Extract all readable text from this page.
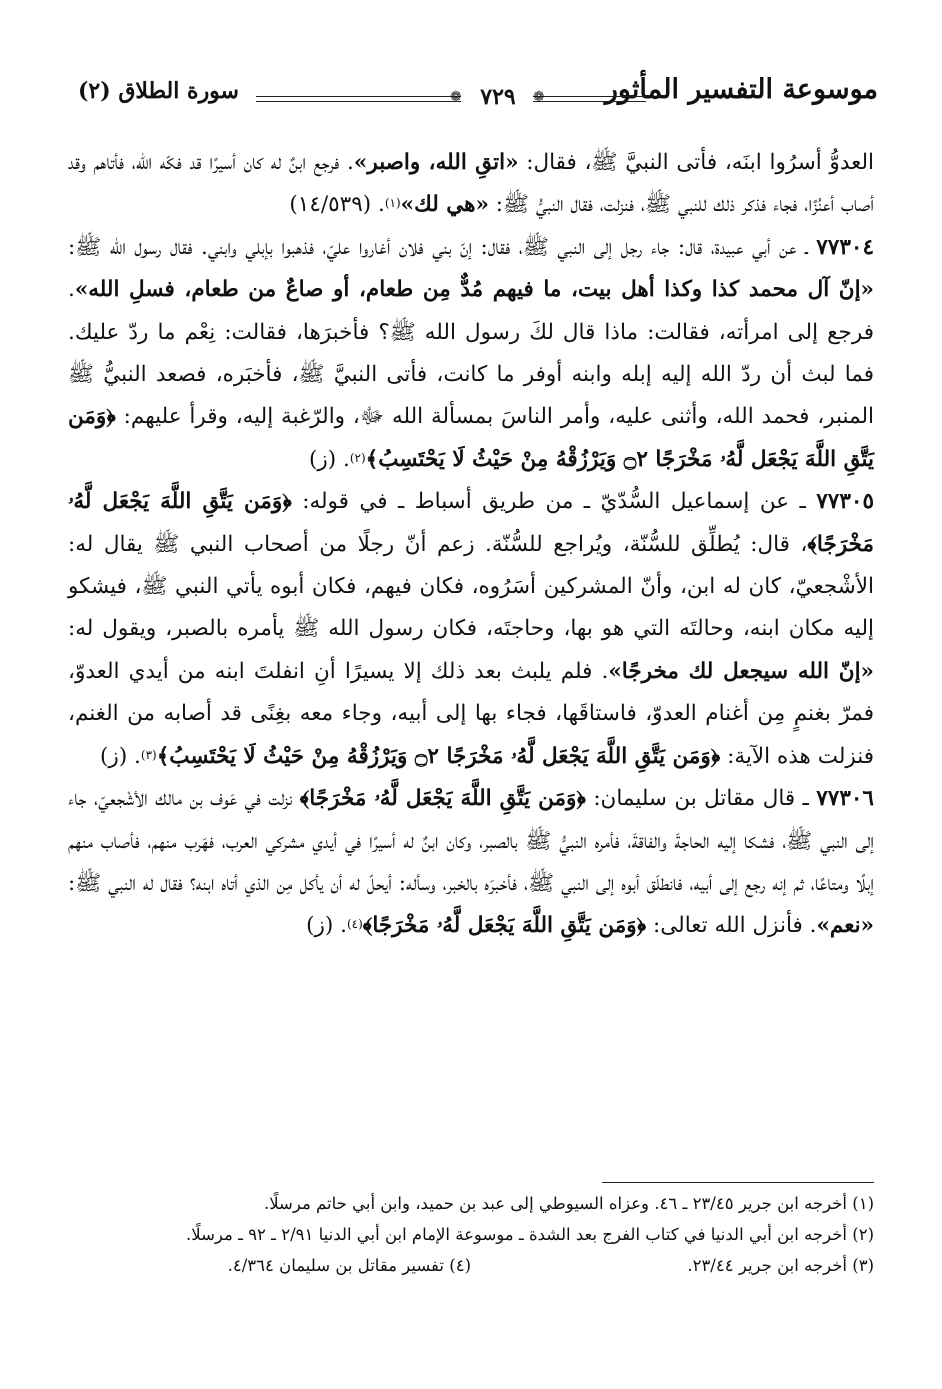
موسوعة التفسير المأثور
❁	❁
٧٢٩
سورة الطلاق (٢)

العدوُّ أسرُوا ابنَه، فأتى النبيَّ ﷺ، فقال: «اتقِ الله، واصبر». فرجع ابنٌ له كان أسيرًا قد فكّه الله، فأتاهم وقد أصاب أعنُزًا، فجاء فذكر ذلك للنبي ﷺ، فنزلت، فقال النبيُّ ﷺ: «هي لك»$^{(١)}$. (١٤/٥٣٩)

٧٧٣٠٤ ـ عن أبي عبيدة، قال: جاء رجل إلى النبي ﷺ، فقال: إنّ بني فلان أغاروا عليّ، فذهبوا بإبلي وابني. فقال رسول الله ﷺ: «إنّ آل محمد كذا وكذا أهل بيت، ما فيهم مُدٌّ مِن طعام، أو صاعٌ من طعام، فسلِ الله». فرجع إلى امرأته، فقالت: ماذا قال لكَ رسول الله ﷺ؟ فأخبرَها، فقالت: نِعْم ما ردّ عليك. فما لبث أن ردّ الله إليه إبله وابنه أوفر ما كانت، فأتى النبيَّ ﷺ، فأخبَره، فصعد النبيُّ ﷺ المنبر، فحمد الله، وأثنى عليه، وأمر الناسَ بمسألة الله ﷻ، والرّغبة إليه، وقرأ عليهم: ﴿وَمَن يَتَّقِ اللَّهَ يَجْعَل لَّهُۥ مَخْرَجًا ۝٢ وَيَرْزُقْهُ مِنْ حَيْثُ لَا يَحْتَسِبُ﴾$^{(٢)}$. (ز)

٧٧٣٠٥ ـ عن إسماعيل السُّدّيّ ـ من طريق أسباط ـ في قوله: ﴿وَمَن يَتَّقِ اللَّهَ يَجْعَل لَّهُۥ مَخْرَجًا﴾، قال: يُطلِّق للسُّنّة، ويُراجع للسُّنّة. زعم أنّ رجلًا من أصحاب النبي ﷺ يقال له: الأشْجعيّ، كان له ابن، وأنّ المشركين أسَرُوه، فكان فيهم، فكان أبوه يأتي النبي ﷺ، فيشكو إليه مكان ابنه، وحالتَه التي هو بها، وحاجتَه، فكان رسول الله ﷺ يأمره بالصبر، ويقول له: «إنّ الله سيجعل لك مخرجًا». فلم يلبث بعد ذلك إلا يسيرًا أنِ انفلتَ ابنه من أيدي العدوّ، فمرّ بغنمٍ مِن أغنام العدوّ، فاستاقَها، فجاء بها إلى أبيه، وجاء معه بغِنًى قد أصابه من الغنم، فنزلت هذه الآية: ﴿وَمَن يَتَّقِ اللَّهَ يَجْعَل لَّهُۥ مَخْرَجًا ۝٢ وَيَرْزُقْهُ مِنْ حَيْثُ لَا يَحْتَسِبُ﴾$^{(٣)}$. (ز)

٧٧٣٠٦ ـ قال مقاتل بن سليمان: ﴿وَمَن يَتَّقِ اللَّهَ يَجْعَل لَّهُۥ مَخْرَجًا﴾ نزلت في عَوف بن مالك الأشْجعيّ، جاء إلى النبي ﷺ، فشكا إليه الحاجةَ والفاقةَ، فأمره النبيُّ ﷺ بالصبر، وكان ابنٌ له أسيرًا في أيدي مشركي العرب، فهَرب منهم، فأصاب منهم إبلًا ومتاعًا، ثم إنه رجع إلى أبيه، فانطلَق أبوه إلى النبي ﷺ، فأخبرَه بالخبر، وسأله: أيحلّ له أن يأكل مِن الذي أتاه ابنه؟ فقال له النبي ﷺ: «نعم». فأنزل الله تعالى: ﴿وَمَن يَتَّقِ اللَّهَ يَجْعَل لَّهُۥ مَخْرَجًا﴾$^{(٤)}$. (ز)

(١) أخرجه ابن جرير ٢٣/٤٥ ـ ٤٦. وعزاه السيوطي إلى عبد بن حميد، وابن أبي حاتم مرسلًا.

(٢) أخرجه ابن أبي الدنيا في كتاب الفرج بعد الشدة ـ موسوعة الإمام ابن أبي الدنيا ٢/٩١ ـ ٩٢ ـ مرسلًا.

(٣) أخرجه ابن جرير ٢٣/٤٤.
(٤) تفسير مقاتل بن سليمان ٤/٣٦٤.
